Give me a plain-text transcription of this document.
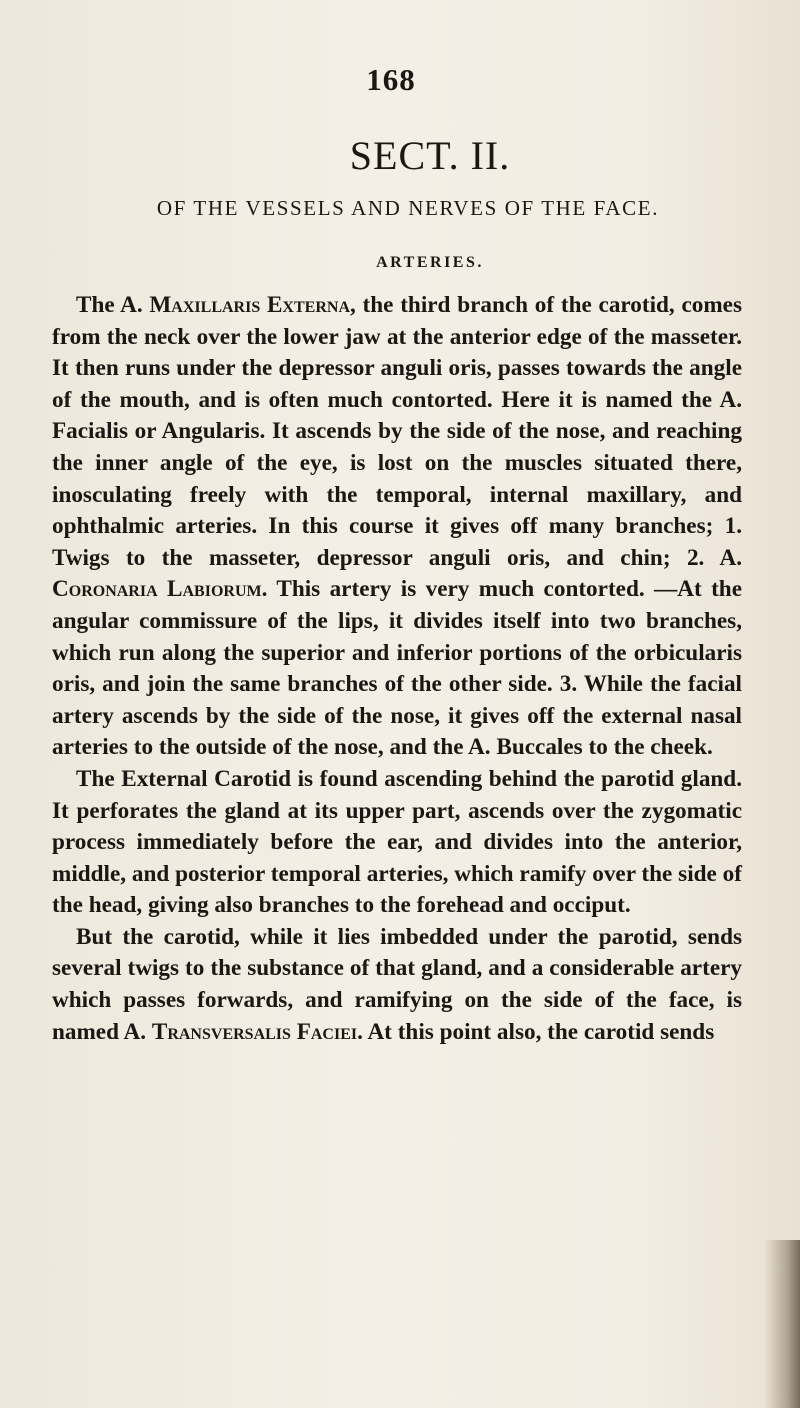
168
SECT. II.
OF THE VESSELS AND NERVES OF THE FACE.
ARTERIES.

The A. Maxillaris Externa, the third branch of the carotid, comes from the neck over the lower jaw at the anterior edge of the masseter. It then runs under the depressor anguli oris, passes towards the angle of the mouth, and is often much contorted. Here it is named the A. Facialis or Angularis. It ascends by the side of the nose, and reaching the inner angle of the eye, is lost on the muscles situated there, inosculating freely with the temporal, internal maxillary, and ophthalmic arteries. In this course it gives off many branches; 1. Twigs to the masseter, depressor anguli oris, and chin; 2. A. Coronaria Labiorum. This artery is very much contorted. —At the angular commissure of the lips, it divides itself into two branches, which run along the superior and inferior portions of the orbicularis oris, and join the same branches of the other side. 3. While the facial artery ascends by the side of the nose, it gives off the external nasal arteries to the outside of the nose, and the A. Buccales to the cheek.

The External Carotid is found ascending behind the parotid gland. It perforates the gland at its upper part, ascends over the zygomatic process immediately before the ear, and divides into the anterior, middle, and posterior temporal arteries, which ramify over the side of the head, giving also branches to the forehead and occiput.

But the carotid, while it lies imbedded under the parotid, sends several twigs to the substance of that gland, and a considerable artery which passes forwards, and ramifying on the side of the face, is named A. Transversalis Faciei. At this point also, the carotid sends
